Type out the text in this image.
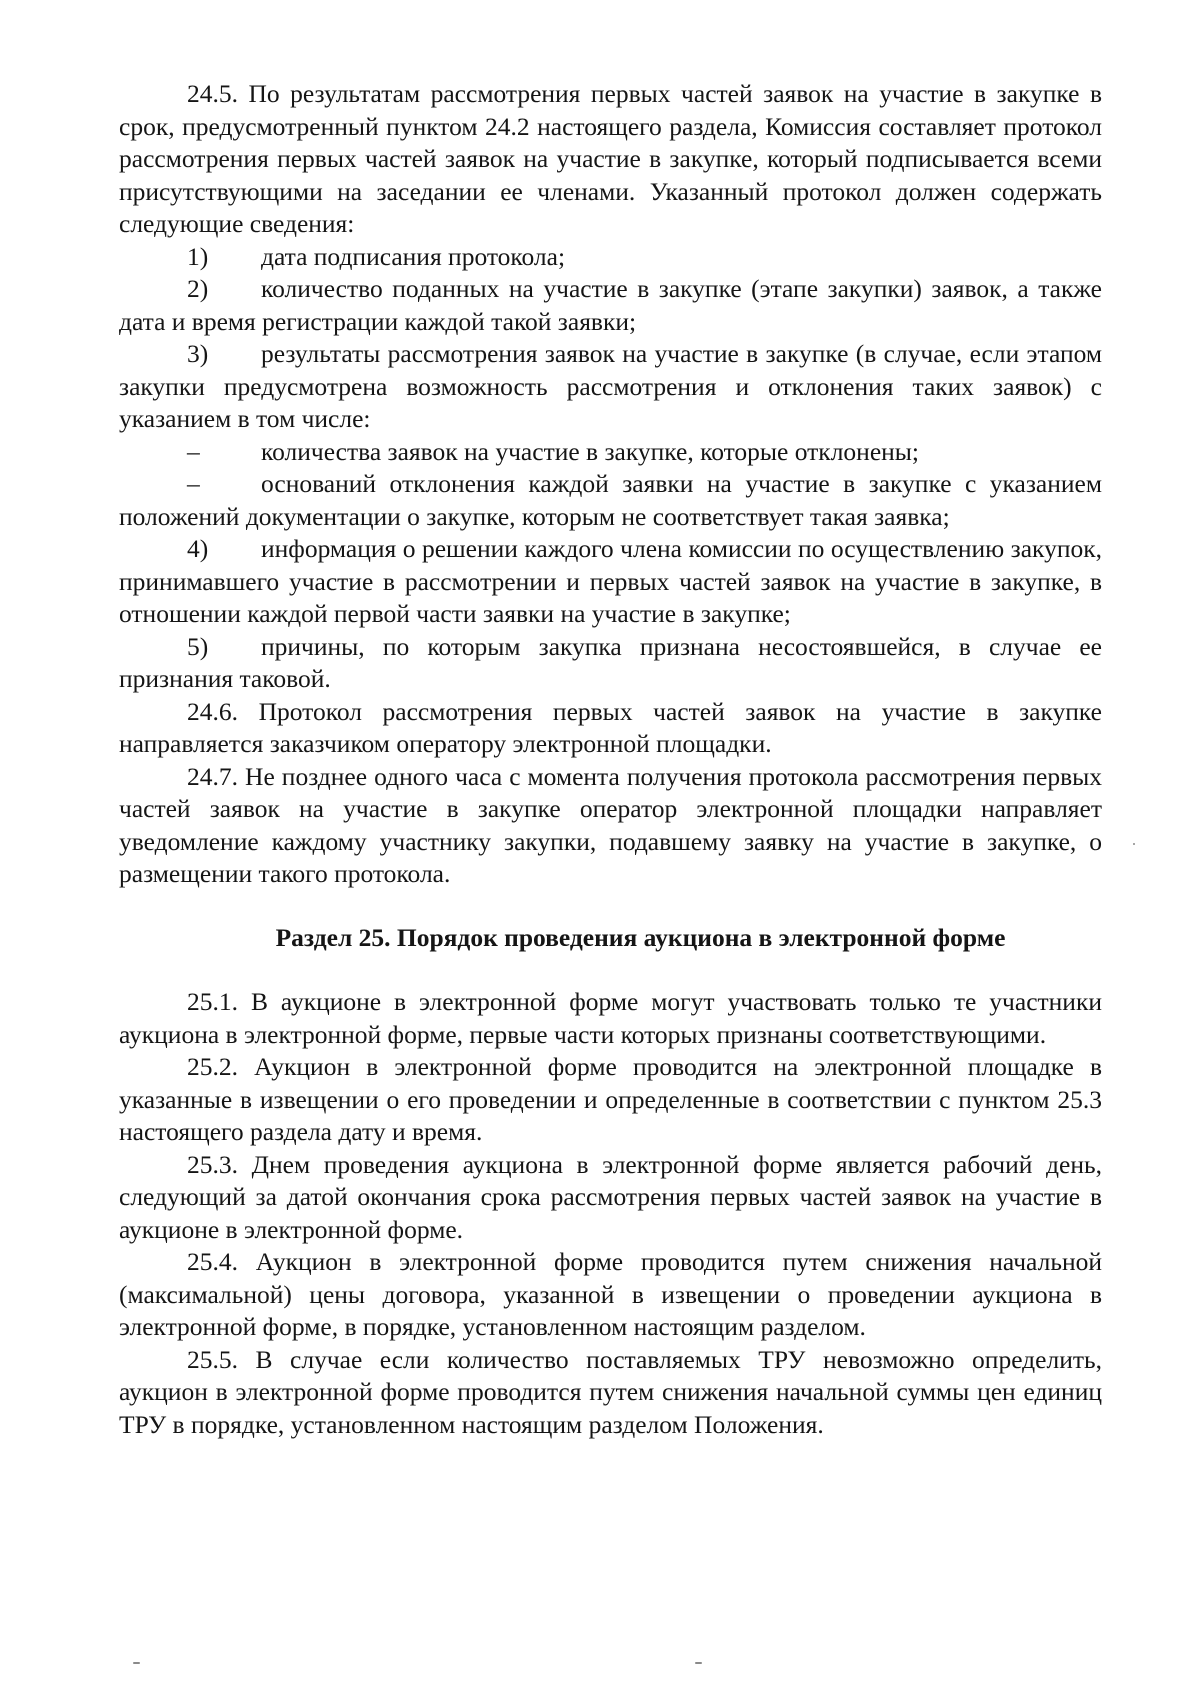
24.5. По результатам рассмотрения первых частей заявок на участие в закупке в срок, предусмотренный пунктом 24.2 настоящего раздела, Комиссия составляет протокол рассмотрения первых частей заявок на участие в закупке, который подписывается всеми присутствующими на заседании ее членами. Указанный протокол должен содержать следующие сведения:

1) дата подписания протокола;

2) количество поданных на участие в закупке (этапе закупки) заявок, а также дата и время регистрации каждой такой заявки;

3) результаты рассмотрения заявок на участие в закупке (в случае, если этапом закупки предусмотрена возможность рассмотрения и отклонения таких заявок) с указанием в том числе:

– количества заявок на участие в закупке, которые отклонены;

– оснований отклонения каждой заявки на участие в закупке с указанием положений документации о закупке, которым не соответствует такая заявка;

4) информация о решении каждого члена комиссии по осуществлению закупок, принимавшего участие в рассмотрении и первых частей заявок на участие в закупке, в отношении каждой первой части заявки на участие в закупке;

5) причины, по которым закупка признана несостоявшейся, в случае ее признания таковой.

24.6. Протокол рассмотрения первых частей заявок на участие в закупке направляется заказчиком оператору электронной площадки.

24.7. Не позднее одного часа с момента получения протокола рассмотрения первых частей заявок на участие в закупке оператор электронной площадки направляет уведомление каждому участнику закупки, подавшему заявку на участие в закупке, о размещении такого протокола.

Раздел 25. Порядок проведения аукциона в электронной форме

25.1. В аукционе в электронной форме могут участвовать только те участники аукциона в электронной форме, первые части которых признаны соответствующими.

25.2. Аукцион в электронной форме проводится на электронной площадке в указанные в извещении о его проведении и определенные в соответствии с пунктом 25.3 настоящего раздела дату и время.

25.3. Днем проведения аукциона в электронной форме является рабочий день, следующий за датой окончания срока рассмотрения первых частей заявок на участие в аукционе в электронной форме.

25.4. Аукцион в электронной форме проводится путем снижения начальной (максимальной) цены договора, указанной в извещении о проведении аукциона в электронной форме, в порядке, установленном настоящим разделом.

25.5. В случае если количество поставляемых ТРУ невозможно определить, аукцион в электронной форме проводится путем снижения начальной суммы цен единиц ТРУ в порядке, установленном настоящим разделом Положения.
